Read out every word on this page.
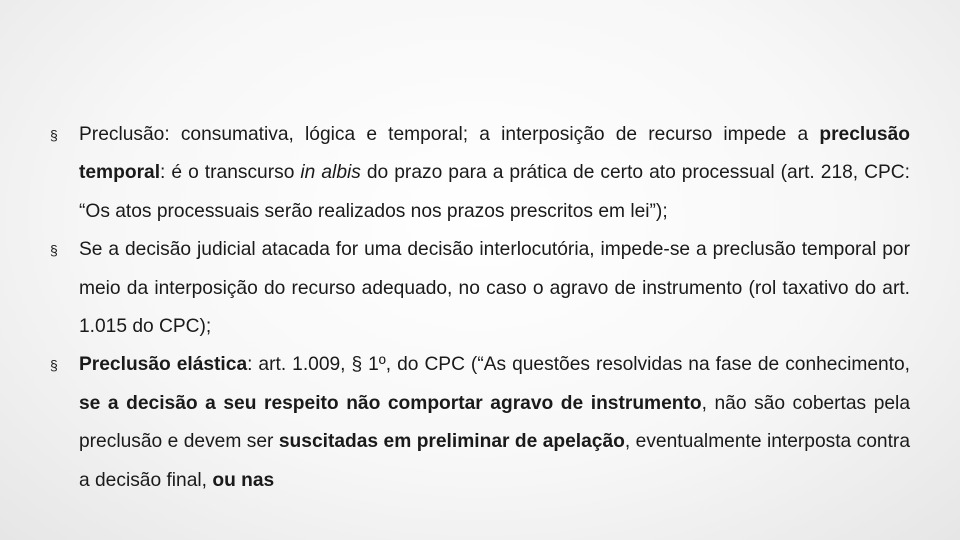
§ Preclusão: consumativa, lógica e temporal; a interposição de recurso impede a preclusão temporal: é o transcurso in albis do prazo para a prática de certo ato processual (art. 218, CPC: “Os atos processuais serão realizados nos prazos prescritos em lei”);

§ Se a decisão judicial atacada for uma decisão interlocutória, impede-se a preclusão temporal por meio da interposição do recurso adequado, no caso o agravo de instrumento (rol taxativo do art. 1.015 do CPC);

§ Preclusão elástica: art. 1.009, § 1º, do CPC (“As questões resolvidas na fase de conhecimento, se a decisão a seu respeito não comportar agravo de instrumento, não são cobertas pela preclusão e devem ser suscitadas em preliminar de apelação, eventualmente interposta contra a decisão final, ou nas
